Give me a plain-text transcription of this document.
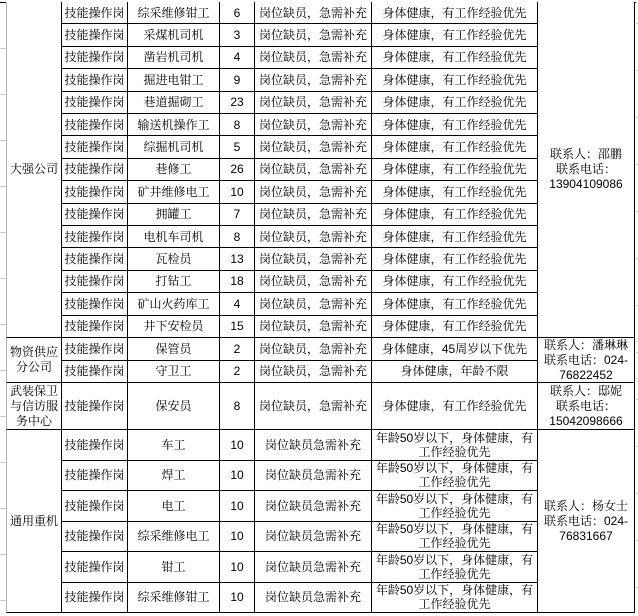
大强公司
联系人：邵鹏
联系电话：
13904109086
技能操作岗	综采维修钳工	6	岗位缺员，急需补充	身体健康，有工作经验优先
技能操作岗	采煤机司机	3	岗位缺员，急需补充	身体健康，有工作经验优先
技能操作岗	凿岩机司机	4	岗位缺员，急需补充	身体健康，有工作经验优先
技能操作岗	掘进电钳工	9	岗位缺员，急需补充	身体健康，有工作经验优先
技能操作岗	巷道掘砌工	23	岗位缺员，急需补充	身体健康，有工作经验优先
技能操作岗	输送机操作工	8	岗位缺员，急需补充	身体健康，有工作经验优先
技能操作岗	综掘机司机	5	岗位缺员，急需补充	身体健康，有工作经验优先
技能操作岗	巷修工	26	岗位缺员，急需补充	身体健康，有工作经验优先
技能操作岗	矿井维修电工	10	岗位缺员，急需补充	身体健康，有工作经验优先
技能操作岗	拥罐工	7	岗位缺员，急需补充	身体健康，有工作经验优先
技能操作岗	电机车司机	8	岗位缺员，急需补充	身体健康，有工作经验优先
技能操作岗	瓦检员	13	岗位缺员，急需补充	身体健康，有工作经验优先
技能操作岗	打钻工	18	岗位缺员，急需补充	身体健康，有工作经验优先
技能操作岗	矿山火药库工	4	岗位缺员，急需补充	身体健康，有工作经验优先
技能操作岗	井下安检员	15	岗位缺员，急需补充	身体健康，有工作经验优先
物资供应分公司
联系人：潘琳琳
联系电话：024-
76822452
技能操作岗	保管员	2	岗位缺员，急需补充	身体健康，45周岁以下优先
技能操作岗	守卫工	2	岗位缺员，急需补充	身体健康，年龄不限
武装保卫与信访服务中心
联系人：邸妮
联系电话：
15042098666
技能操作岗	保安员	8	岗位缺员，急需补充	身体健康，有工作经验优先
通用重机
联系人：杨女士
联系电话：024-
76831667
技能操作岗	车工	10	岗位缺员急需补充	年龄50岁以下，身体健康，有工作经验优先
技能操作岗	焊工	10	岗位缺员急需补充	年龄50岁以下，身体健康，有工作经验优先
技能操作岗	电工	10	岗位缺员急需补充	年龄50岁以下，身体健康，有工作经验优先
技能操作岗	综采维修电工	10	岗位缺员急需补充	年龄50岁以下，身体健康，有工作经验优先
技能操作岗	钳工	10	岗位缺员急需补充	年龄50岁以下，身体健康，有工作经验优先
技能操作岗	综采维修钳工	10	岗位缺员急需补充	年龄50岁以下，身体健康，有工作经验优先
